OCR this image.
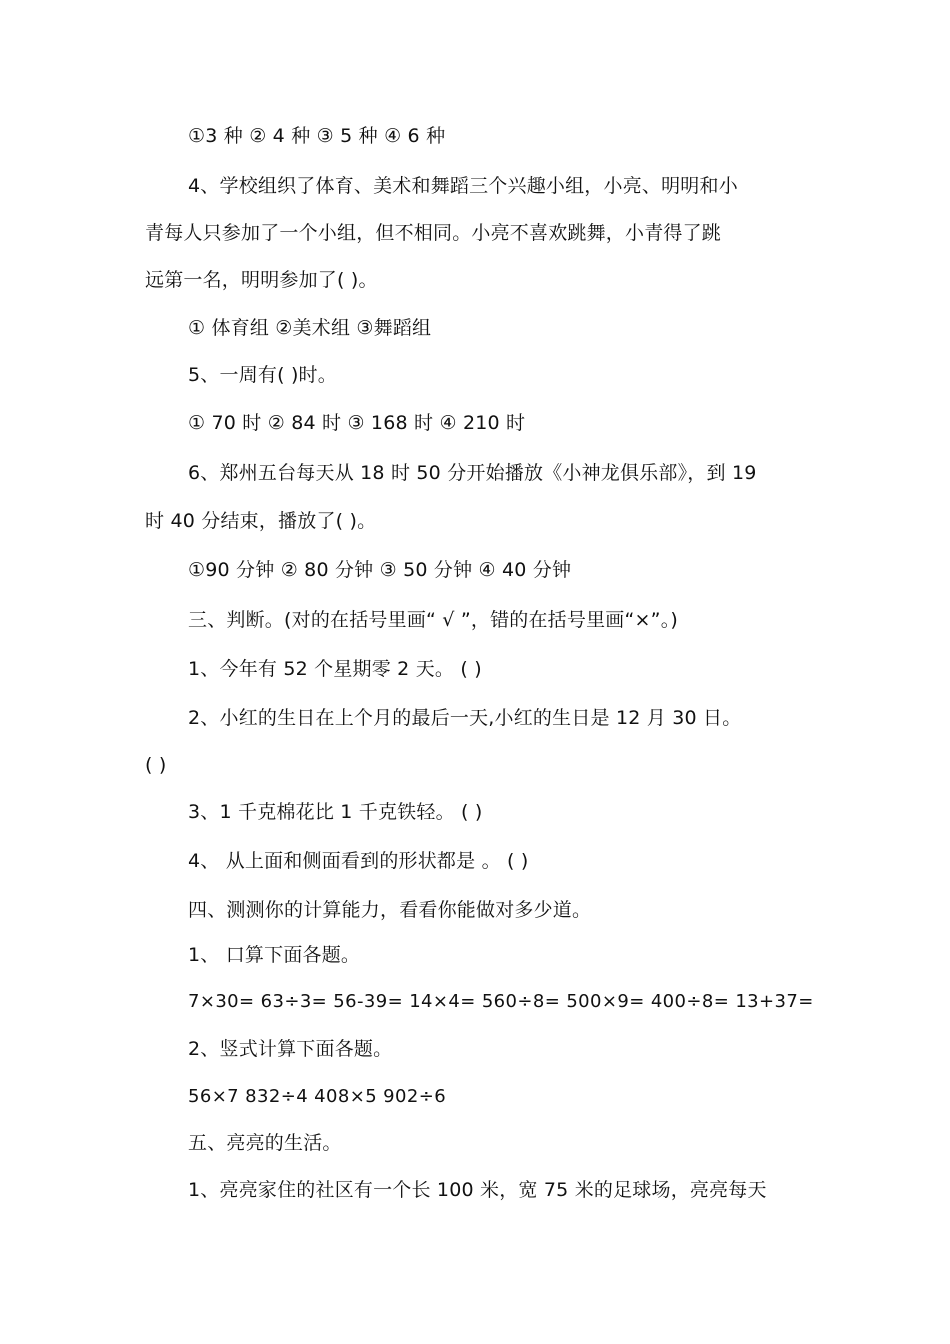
①3 种 ② 4 种 ③ 5 种 ④ 6 种
4、学校组织了体育、美术和舞蹈三个兴趣小组，小亮、明明和小
青每人只参加了一个小组，但不相同。小亮不喜欢跳舞，小青得了跳
远第一名，明明参加了( )。
① 体育组 ②美术组 ③舞蹈组
5、一周有( )时。
① 70 时 ② 84 时 ③ 168 时 ④ 210 时
6、郑州五台每天从 18 时 50 分开始播放《小神龙俱乐部》，到 19
时 40 分结束，播放了( )。
①90 分钟 ② 80 分钟 ③ 50 分钟 ④ 40 分钟
三、判断。(对的在括号里画“ √ ”，错的在括号里画“×”。)
1、今年有 52 个星期零 2 天。 ( )
2、小红的生日在上个月的最后一天,小红的生日是 12 月 30 日。
( )
3、1 千克棉花比 1 千克铁轻。 ( )
4、 从上面和侧面看到的形状都是 。 ( )
四、测测你的计算能力，看看你能做对多少道。
1、 口算下面各题。
7×30= 63÷3= 56-39= 14×4= 560÷8= 500×9= 400÷8= 13+37=
2、竖式计算下面各题。
56×7 832÷4 408×5 902÷6
五、亮亮的生活。
1、亮亮家住的社区有一个长 100 米，宽 75 米的足球场，亮亮每天
